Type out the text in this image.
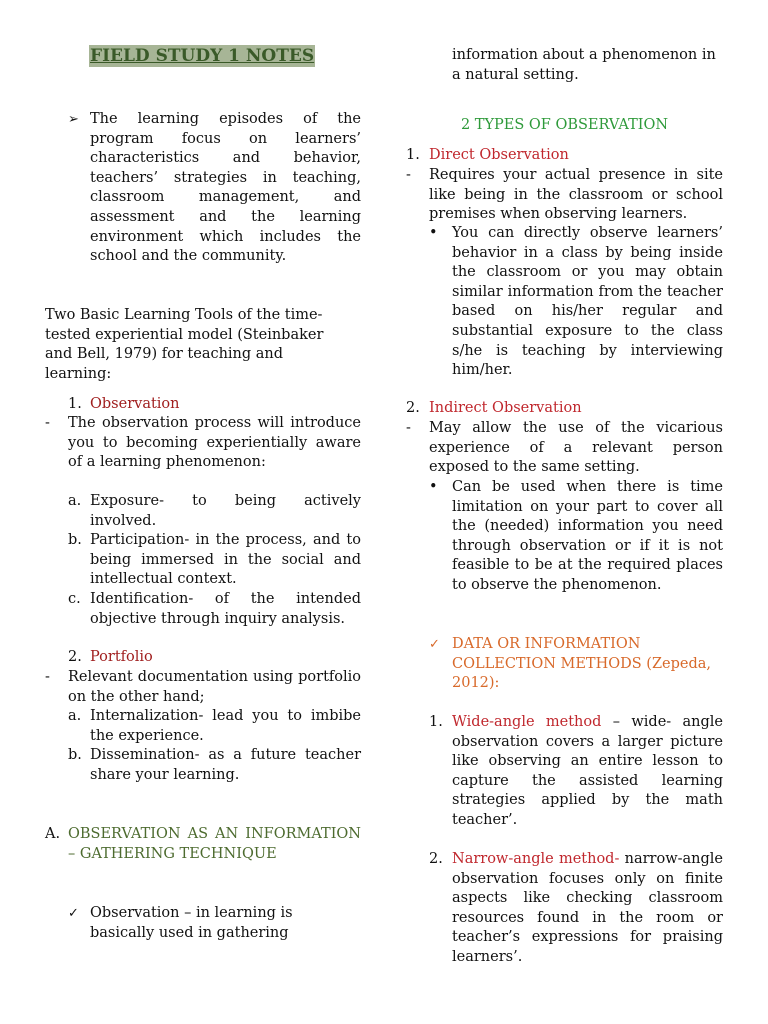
FIELD STUDY 1 NOTES
➢ The learning episodes of the program focus on learners’ characteristics and behavior, teachers’ strategies in teaching, classroom management, and assessment and the learning environment which includes the school and the community.

Two Basic Learning Tools of the time-tested experiential model (Steinbaker and Bell, 1979) for teaching and learning:

1. Observation
-	The observation process will introduce you to becoming experientially aware of a learning phenomenon:

a. Exposure- to being actively involved.

b. Participation- in the process, and to being immersed in the social and intellectual context.

c. Identification- of the intended objective through inquiry analysis.

2. Portfolio
-	Relevant documentation using portfolio on the other hand;

a. Internalization- lead you to imbibe the experience.

b. Dissemination- as a future teacher share your learning.

A. OBSERVATION AS AN INFORMATION – GATHERING TECHNIQUE

✓ Observation – in learning is basically used in gathering

information about a phenomenon in a natural setting.

2 TYPES OF OBSERVATION

1. Direct Observation
-	Requires your actual presence in site like being in the classroom or school premises when observing learners.

• You can directly observe learners’ behavior in a class by being inside the classroom or you may obtain similar information from the teacher based on his/her regular and substantial exposure to the class s/he is teaching by interviewing him/her.

2. Indirect Observation
-	May allow the use of the vicarious experience of a relevant person exposed to the same setting.

• Can be used when there is time limitation on your part to cover all the (needed) information you need through observation or if it is not feasible to be at the required places to observe the phenomenon.

✓ DATA OR INFORMATION COLLECTION METHODS (Zepeda, 2012):

1. Wide-angle method – wide- angle observation covers a larger picture like observing an entire lesson to capture the assisted learning strategies applied by the math teacher’.

2. Narrow-angle method- narrow-angle observation focuses only on finite aspects like checking classroom resources found in the room or teacher’s expressions for praising learners’.
